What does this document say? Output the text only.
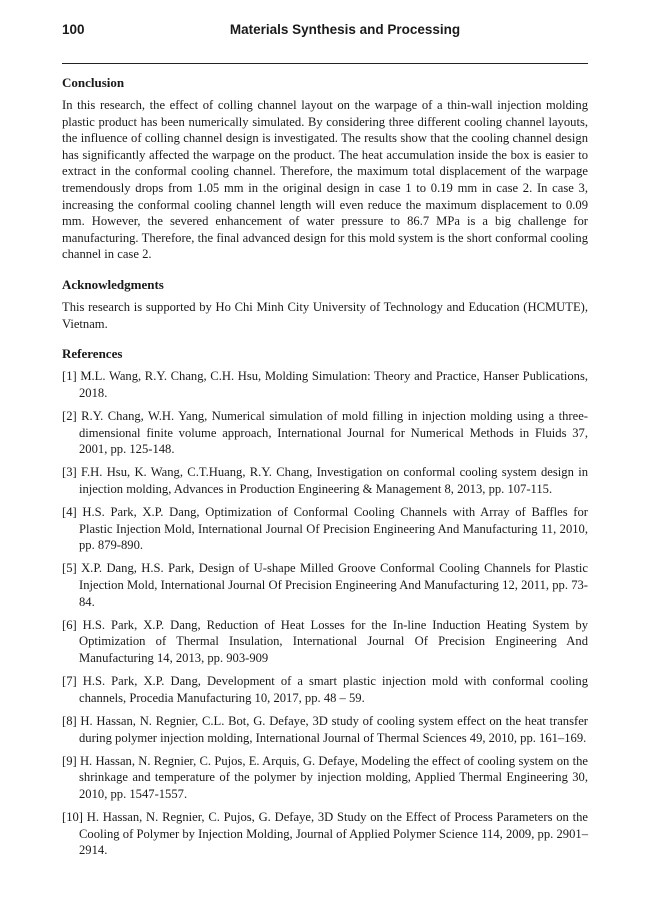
100	Materials Synthesis and Processing
Conclusion

In this research, the effect of colling channel layout on the warpage of a thin-wall injection molding plastic product has been numerically simulated. By considering three different cooling channel layouts, the influence of colling channel design is investigated. The results show that the cooling channel design has significantly affected the warpage on the product. The heat accumulation inside the box is easier to extract in the conformal cooling channel. Therefore, the maximum total displacement of the warpage tremendously drops from 1.05 mm in the original design in case 1 to 0.19 mm in case 2. In case 3, increasing the conformal cooling channel length will even reduce the maximum displacement to 0.09 mm. However, the severed enhancement of water pressure to 86.7 MPa is a big challenge for manufacturing. Therefore, the final advanced design for this mold system is the short conformal cooling channel in case 2.

Acknowledgments

This research is supported by Ho Chi Minh City University of Technology and Education (HCMUTE), Vietnam.

References
[1] M.L. Wang, R.Y. Chang, C.H. Hsu, Molding Simulation: Theory and Practice, Hanser Publications, 2018.
[2] R.Y. Chang, W.H. Yang, Numerical simulation of mold filling in injection molding using a three-dimensional finite volume approach, International Journal for Numerical Methods in Fluids 37, 2001, pp. 125-148.
[3] F.H. Hsu, K. Wang, C.T.Huang, R.Y. Chang, Investigation on conformal cooling system design in injection molding, Advances in Production Engineering & Management 8, 2013, pp. 107-115.
[4] H.S. Park, X.P. Dang, Optimization of Conformal Cooling Channels with Array of Baffles for Plastic Injection Mold, International Journal Of Precision Engineering And Manufacturing 11, 2010, pp. 879-890.
[5] X.P. Dang, H.S. Park, Design of U-shape Milled Groove Conformal Cooling Channels for Plastic Injection Mold, International Journal Of Precision Engineering And Manufacturing 12, 2011, pp. 73-84.
[6] H.S. Park, X.P. Dang, Reduction of Heat Losses for the In-line Induction Heating System by Optimization of Thermal Insulation, International Journal Of Precision Engineering And Manufacturing 14, 2013, pp. 903-909
[7] H.S. Park, X.P. Dang, Development of a smart plastic injection mold with conformal cooling channels, Procedia Manufacturing 10, 2017, pp. 48 – 59.
[8] H. Hassan, N. Regnier, C.L. Bot, G. Defaye, 3D study of cooling system effect on the heat transfer during polymer injection molding, International Journal of Thermal Sciences 49, 2010, pp. 161–169.
[9] H. Hassan, N. Regnier, C. Pujos, E. Arquis, G. Defaye, Modeling the effect of cooling system on the shrinkage and temperature of the polymer by injection molding, Applied Thermal Engineering 30, 2010, pp. 1547-1557.
[10] H. Hassan, N. Regnier, C. Pujos, G. Defaye, 3D Study on the Effect of Process Parameters on the Cooling of Polymer by Injection Molding, Journal of Applied Polymer Science 114, 2009, pp. 2901–2914.
